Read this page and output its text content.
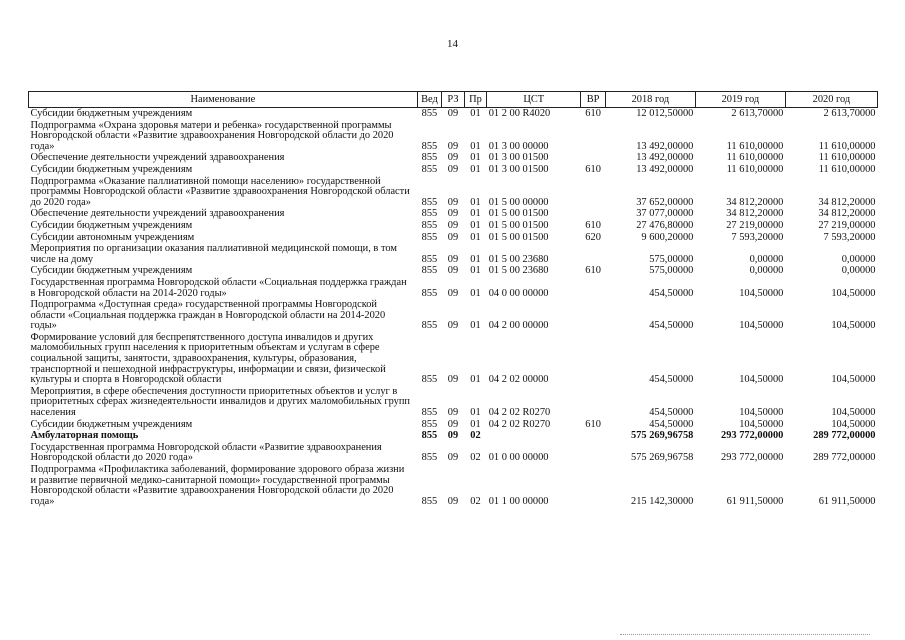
14
Наименование	Вед	РЗ	Пр	ЦСТ	ВР	2018 год	2019 год	2020 год
Субсидии бюджетным учреждениям	855	09	01	01 2 00 R4020	610	12 012,50000	2 613,70000	2 613,70000
Подпрограмма «Охрана здоровья матери и ребенка» государственной программы Новгородской области «Развитие здравоохранения Новгородской области до 2020 года»	855	09	01	01 3 00 00000		13 492,00000	11 610,00000	11 610,00000
Обеспечение деятельности учреждений здравоохранения	855	09	01	01 3 00 01500		13 492,00000	11 610,00000	11 610,00000
Субсидии бюджетным учреждениям	855	09	01	01 3 00 01500	610	13 492,00000	11 610,00000	11 610,00000
Подпрограмма «Оказание паллиативной помощи населению» государственной программы Новгородской области «Развитие здравоохранения Новгородской области до 2020 года»	855	09	01	01 5 00 00000		37 652,00000	34 812,20000	34 812,20000
Обеспечение деятельности учреждений здравоохранения	855	09	01	01 5 00 01500		37 077,00000	34 812,20000	34 812,20000
Субсидии бюджетным учреждениям	855	09	01	01 5 00 01500	610	27 476,80000	27 219,00000	27 219,00000
Субсидии автономным учреждениям	855	09	01	01 5 00 01500	620	9 600,20000	7 593,20000	7 593,20000
Мероприятия по организации оказания паллиативной медицинской помощи, в том числе на дому	855	09	01	01 5 00 23680		575,00000	0,00000	0,00000
Субсидии бюджетным учреждениям	855	09	01	01 5 00 23680	610	575,00000	0,00000	0,00000
Государственная программа Новгородской области «Социальная поддержка граждан в Новгородской области на 2014-2020 годы»	855	09	01	04 0 00 00000		454,50000	104,50000	104,50000
Подпрограмма «Доступная среда» государственной программы Новгородской области «Социальная поддержка граждан в Новгородской области на 2014-2020 годы»	855	09	01	04 2 00 00000		454,50000	104,50000	104,50000
Формирование условий для беспрепятственного доступа инвалидов и других маломобильных групп населения к приоритетным объектам и услугам в сфере социальной защиты, занятости, здравоохранения, культуры, образования, транспортной и пешеходной инфраструктуры, информации и связи, физической культуры и спорта в Новгородской области	855	09	01	04 2 02 00000		454,50000	104,50000	104,50000
Мероприятия, в сфере обеспечения доступности приоритетных объектов и услуг в приоритетных сферах жизнедеятельности инвалидов и других маломобильных групп населения	855	09	01	04 2 02 R0270		454,50000	104,50000	104,50000
Субсидии бюджетным учреждениям	855	09	01	04 2 02 R0270	610	454,50000	104,50000	104,50000
Амбулаторная помощь	855	09	02			575 269,96758	293 772,00000	289 772,00000
Государственная программа Новгородской области «Развитие здравоохранения Новгородской области до 2020 года»	855	09	02	01 0 00 00000		575 269,96758	293 772,00000	289 772,00000
Подпрограмма «Профилактика заболеваний, формирование здорового образа жизни и развитие первичной медико-санитарной помощи» государственной программы Новгородской области «Развитие здравоохранения Новгородской области до 2020 года»	855	09	02	01 1 00 00000		215 142,30000	61 911,50000	61 911,50000
